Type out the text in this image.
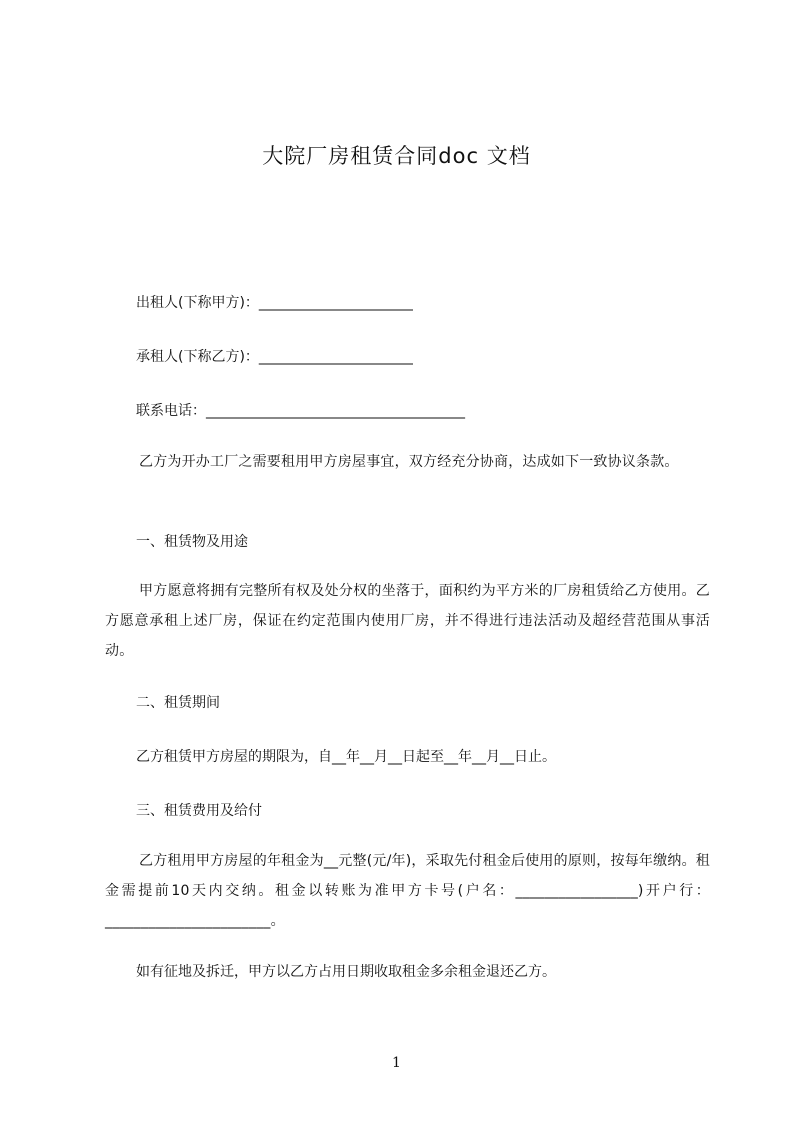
大院厂房租赁合同doc 文档
出租人(下称甲方)：______________________
承租人(下称乙方)：______________________
联系电话：_____________________________________
乙方为开办工厂之需要租用甲方房屋事宜，双方经充分协商，达成如下一致协议条款。
一、租赁物及用途
甲方愿意将拥有完整所有权及处分权的坐落于，面积约为平方米的厂房租赁给乙方使用。乙方愿意承租上述厂房，保证在约定范围内使用厂房，并不得进行违法活动及超经营范围从事活动。
二、租赁期间
乙方租赁甲方房屋的期限为，自__年__月__日起至__年__月__日止。
三、租赁费用及给付
乙方租用甲方房屋的年租金为__元整(元/年)，采取先付租金后使用的原则，按每年缴纳。租金需提前10天内交纳。租金以转账为准甲方卡号(户名：_________________)开户行：_______________________。
如有征地及拆迁，甲方以乙方占用日期收取租金多余租金退还乙方。
1
